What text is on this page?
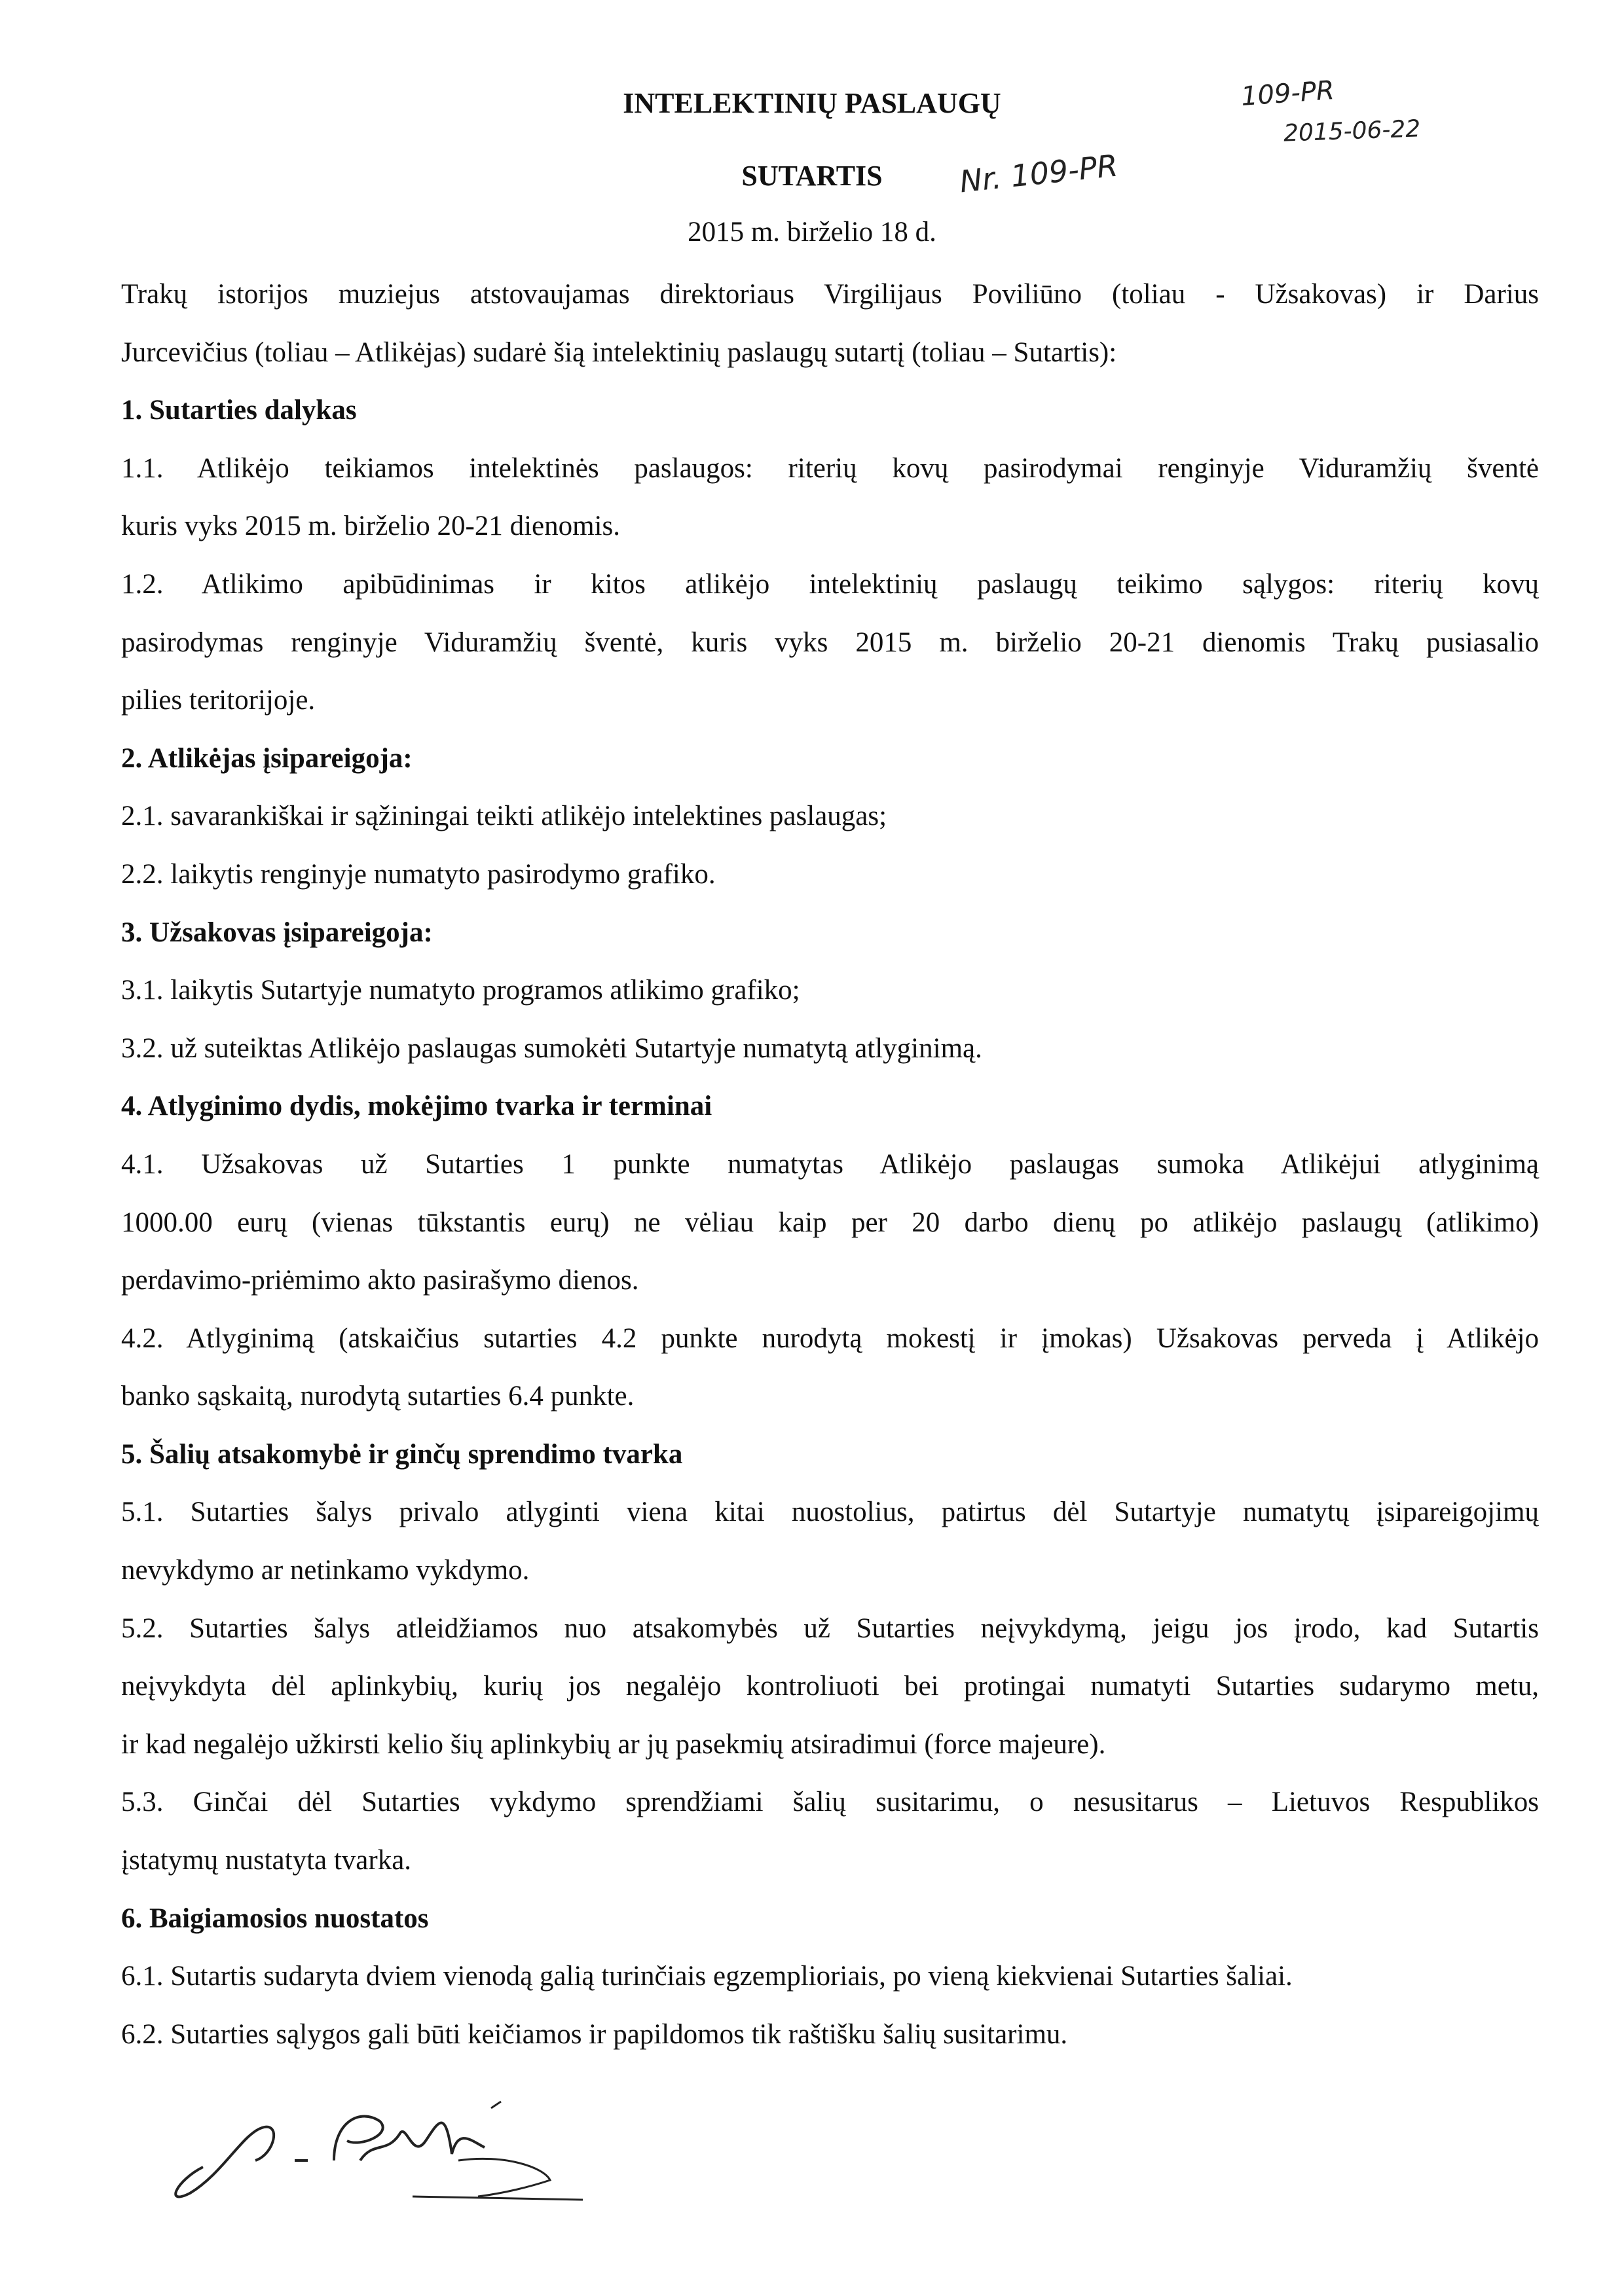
INTELEKTINIŲ PASLAUGŲ
SUTARTIS	Nr. 109-PR
109-PR
2015-06-22
2015 m. birželio 18 d.
Trakų istorijos muziejus atstovaujamas direktoriaus Virgilijaus Poviliūno (toliau - Užsakovas) ir Darius
Jurcevičius (toliau – Atlikėjas) sudarė šią intelektinių paslaugų sutartį (toliau – Sutartis):
1. Sutarties dalykas
1.1. Atlikėjo teikiamos intelektinės paslaugos: riterių kovų pasirodymai renginyje Viduramžių šventė
kuris vyks 2015 m. birželio 20-21 dienomis.
1.2. Atlikimo apibūdinimas ir kitos atlikėjo intelektinių paslaugų teikimo sąlygos: riterių kovų
pasirodymas renginyje Viduramžių šventė, kuris vyks 2015 m. birželio 20-21 dienomis Trakų pusiasalio
pilies teritorijoje.
2. Atlikėjas įsipareigoja:
2.1. savarankiškai ir sąžiningai teikti atlikėjo intelektines paslaugas;
2.2. laikytis renginyje numatyto pasirodymo grafiko.
3. Užsakovas įsipareigoja:
3.1. laikytis Sutartyje numatyto programos atlikimo grafiko;
3.2. už suteiktas Atlikėjo paslaugas sumokėti Sutartyje numatytą atlyginimą.
4. Atlyginimo dydis, mokėjimo tvarka ir terminai
4.1. Užsakovas už Sutarties 1 punkte numatytas Atlikėjo paslaugas sumoka Atlikėjui atlyginimą
1000.00 eurų (vienas tūkstantis eurų) ne vėliau kaip per 20 darbo dienų po atlikėjo paslaugų (atlikimo)
perdavimo-priėmimo akto pasirašymo dienos.
4.2. Atlyginimą (atskaičius sutarties 4.2 punkte nurodytą mokestį ir įmokas) Užsakovas perveda į Atlikėjo
banko sąskaitą, nurodytą sutarties 6.4 punkte.
5. Šalių atsakomybė ir ginčų sprendimo tvarka
5.1. Sutarties šalys privalo atlyginti viena kitai nuostolius, patirtus dėl Sutartyje numatytų įsipareigojimų
nevykdymo ar netinkamo vykdymo.
5.2. Sutarties šalys atleidžiamos nuo atsakomybės už Sutarties neįvykdymą, jeigu jos įrodo, kad Sutartis
neįvykdyta dėl aplinkybių, kurių jos negalėjo kontroliuoti bei protingai numatyti Sutarties sudarymo metu,
ir kad negalėjo užkirsti kelio šių aplinkybių ar jų pasekmių atsiradimui (force majeure).
5.3. Ginčai dėl Sutarties vykdymo sprendžiami šalių susitarimu, o nesusitarus – Lietuvos Respublikos
įstatymų nustatyta tvarka.
6. Baigiamosios nuostatos
6.1. Sutartis sudaryta dviem vienodą galią turinčiais egzemplioriais, po vieną kiekvienai Sutarties šaliai.
6.2. Sutarties sąlygos gali būti keičiamos ir papildomos tik raštišku šalių susitarimu.
